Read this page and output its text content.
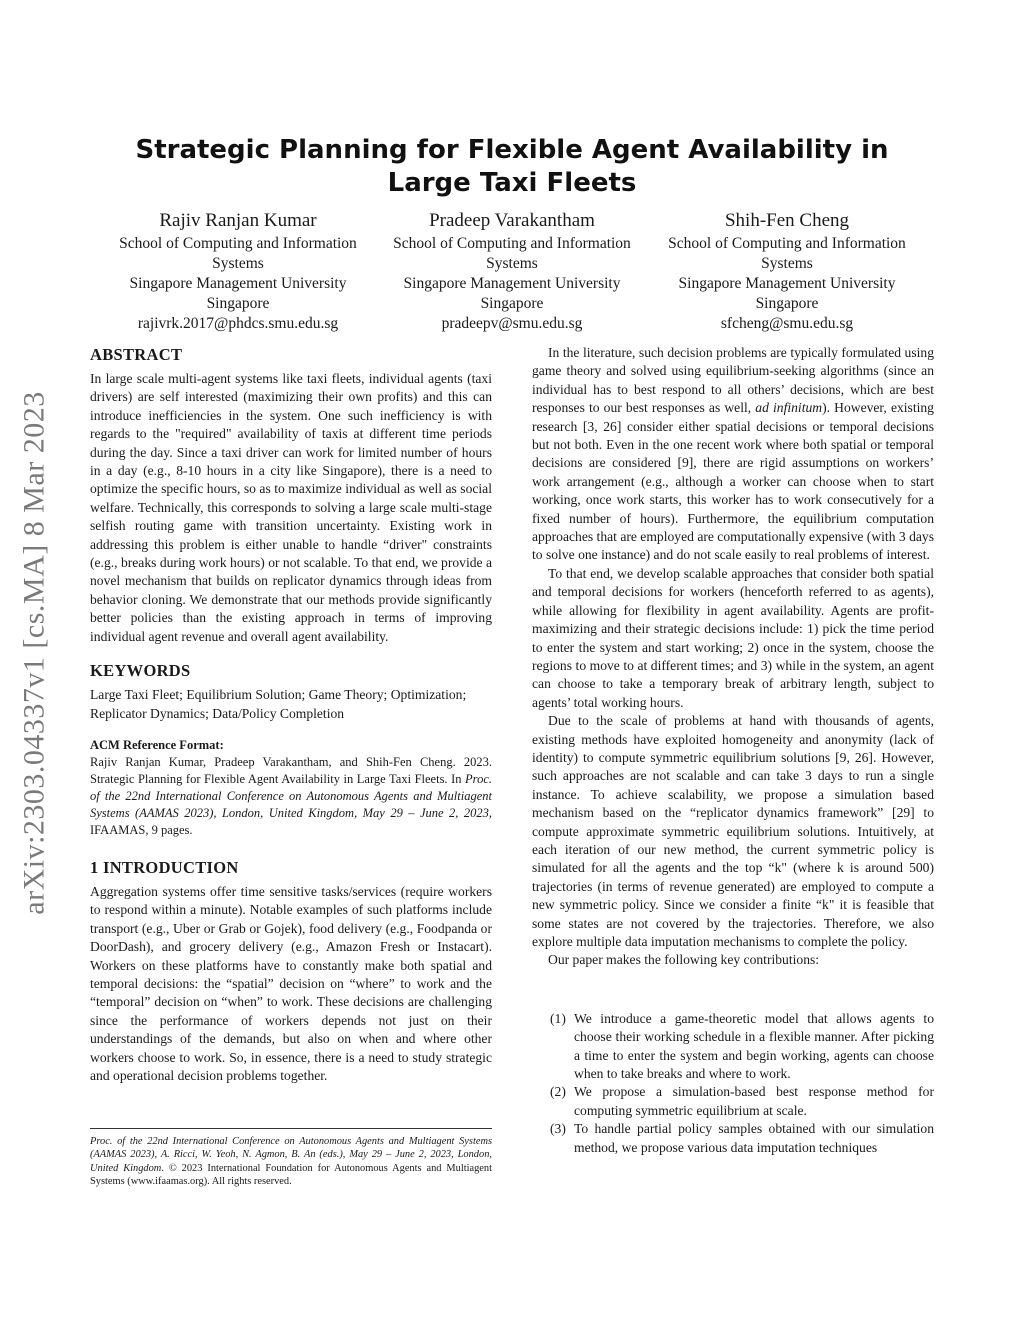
arXiv:2303.04337v1 [cs.MA] 8 Mar 2023
Strategic Planning for Flexible Agent Availability in Large Taxi Fleets
Rajiv Ranjan Kumar
School of Computing and Information Systems
Singapore Management University
Singapore
rajivrk.2017@phdcs.smu.edu.sg
Pradeep Varakantham
School of Computing and Information Systems
Singapore Management University
Singapore
pradeepv@smu.edu.sg
Shih-Fen Cheng
School of Computing and Information Systems
Singapore Management University
Singapore
sfcheng@smu.edu.sg
ABSTRACT

In large scale multi-agent systems like taxi fleets, individual agents (taxi drivers) are self interested (maximizing their own profits) and this can introduce inefficiencies in the system. One such inefficiency is with regards to the "required" availability of taxis at different time periods during the day. Since a taxi driver can work for limited number of hours in a day (e.g., 8-10 hours in a city like Singapore), there is a need to optimize the specific hours, so as to maximize individual as well as social welfare. Technically, this corresponds to solving a large scale multi-stage selfish routing game with transition uncertainty. Existing work in addressing this problem is either unable to handle “driver" constraints (e.g., breaks during work hours) or not scalable. To that end, we provide a novel mechanism that builds on replicator dynamics through ideas from behavior cloning. We demonstrate that our methods provide significantly better policies than the existing approach in terms of improving individual agent revenue and overall agent availability.

KEYWORDS

Large Taxi Fleet; Equilibrium Solution; Game Theory; Optimization; Replicator Dynamics; Data/Policy Completion

ACM Reference Format:

Rajiv Ranjan Kumar, Pradeep Varakantham, and Shih-Fen Cheng. 2023. Strategic Planning for Flexible Agent Availability in Large Taxi Fleets. In Proc. of the 22nd International Conference on Autonomous Agents and Multiagent Systems (AAMAS 2023), London, United Kingdom, May 29 – June 2, 2023, IFAAMAS, 9 pages.

1 INTRODUCTION

Aggregation systems offer time sensitive tasks/services (require workers to respond within a minute). Notable examples of such platforms include transport (e.g., Uber or Grab or Gojek), food delivery (e.g., Foodpanda or DoorDash), and grocery delivery (e.g., Amazon Fresh or Instacart). Workers on these platforms have to constantly make both spatial and temporal decisions: the “spatial” decision on “where” to work and the “temporal” decision on “when” to work. These decisions are challenging since the performance of workers depends not just on their understandings of the demands, but also on when and where other workers choose to work. So, in essence, there is a need to study strategic and operational decision problems together.

Proc. of the 22nd International Conference on Autonomous Agents and Multiagent Systems (AAMAS 2023), A. Ricci, W. Yeoh, N. Agmon, B. An (eds.), May 29 – June 2, 2023, London, United Kingdom. © 2023 International Foundation for Autonomous Agents and Multiagent Systems (www.ifaamas.org). All rights reserved.

In the literature, such decision problems are typically formulated using game theory and solved using equilibrium-seeking algorithms (since an individual has to best respond to all others’ decisions, which are best responses to our best responses as well, ad infinitum). However, existing research [3, 26] consider either spatial decisions or temporal decisions but not both. Even in the one recent work where both spatial or temporal decisions are considered [9], there are rigid assumptions on workers’ work arrangement (e.g., although a worker can choose when to start working, once work starts, this worker has to work consecutively for a fixed number of hours). Furthermore, the equilibrium computation approaches that are employed are computationally expensive (with 3 days to solve one instance) and do not scale easily to real problems of interest.

To that end, we develop scalable approaches that consider both spatial and temporal decisions for workers (henceforth referred to as agents), while allowing for flexibility in agent availability. Agents are profit-maximizing and their strategic decisions include: 1) pick the time period to enter the system and start working; 2) once in the system, choose the regions to move to at different times; and 3) while in the system, an agent can choose to take a temporary break of arbitrary length, subject to agents’ total working hours.

Due to the scale of problems at hand with thousands of agents, existing methods have exploited homogeneity and anonymity (lack of identity) to compute symmetric equilibrium solutions [9, 26]. However, such approaches are not scalable and can take 3 days to run a single instance. To achieve scalability, we propose a simulation based mechanism based on the “replicator dynamics framework” [29] to compute approximate symmetric equilibrium solutions. Intuitively, at each iteration of our new method, the current symmetric policy is simulated for all the agents and the top “k" (where k is around 500) trajectories (in terms of revenue generated) are employed to compute a new symmetric policy. Since we consider a finite “k" it is feasible that some states are not covered by the trajectories. Therefore, we also explore multiple data imputation mechanisms to complete the policy.

Our paper makes the following key contributions:

(1) We introduce a game-theoretic model that allows agents to choose their working schedule in a flexible manner. After picking a time to enter the system and begin working, agents can choose when to take breaks and where to work.
(2) We propose a simulation-based best response method for computing symmetric equilibrium at scale.
(3) To handle partial policy samples obtained with our simulation method, we propose various data imputation techniques
